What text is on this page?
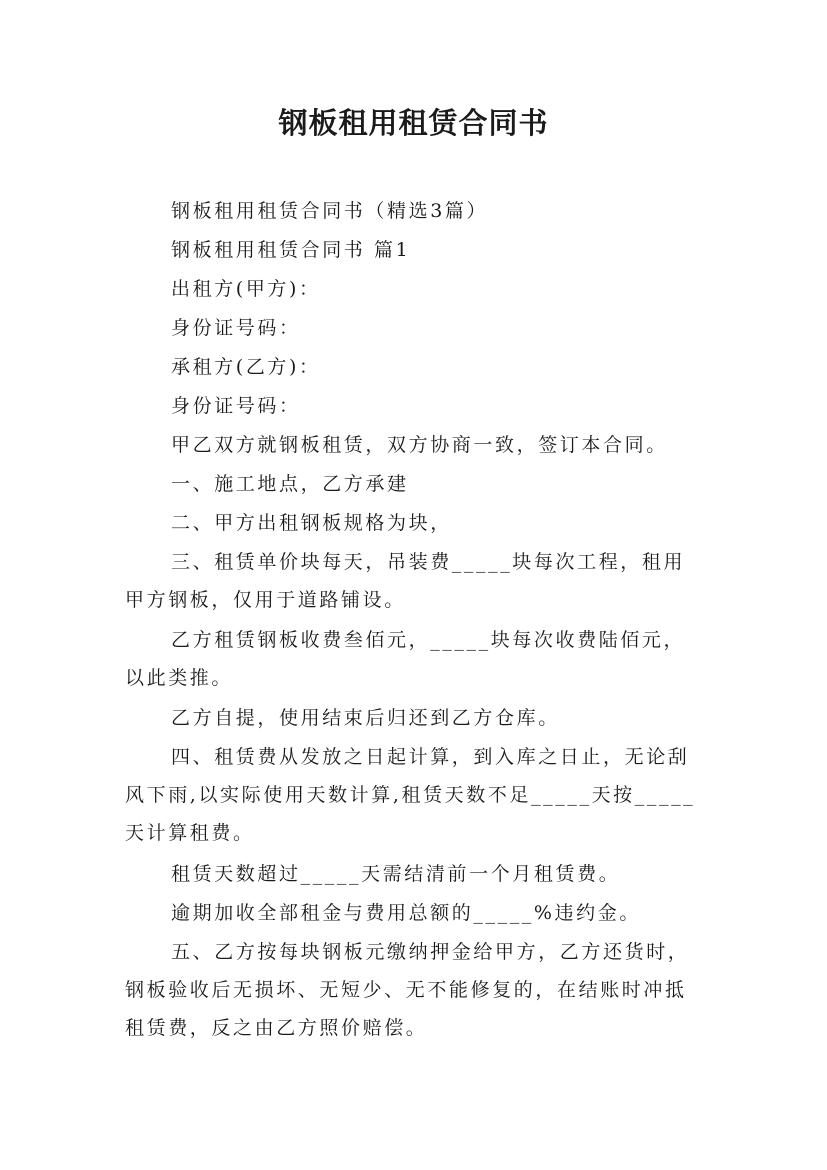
钢板租用租赁合同书
钢板租用租赁合同书（精选3篇）
钢板租用租赁合同书 篇1
出租方(甲方)：
身份证号码：
承租方(乙方)：
身份证号码：
甲乙双方就钢板租赁，双方协商一致，签订本合同。
一、施工地点，乙方承建
二、甲方出租钢板规格为块，
三、租赁单价块每天，吊装费_____块每次工程，租用
甲方钢板，仅用于道路铺设。
乙方租赁钢板收费叁佰元，_____块每次收费陆佰元，
以此类推。
乙方自提，使用结束后归还到乙方仓库。
四、租赁费从发放之日起计算，到入库之日止，无论刮
风下雨,以实际使用天数计算,租赁天数不足_____天按_____
天计算租费。
租赁天数超过_____天需结清前一个月租赁费。
逾期加收全部租金与费用总额的_____%违约金。
五、乙方按每块钢板元缴纳押金给甲方，乙方还货时，
钢板验收后无损坏、无短少、无不能修复的，在结账时冲抵
租赁费，反之由乙方照价赔偿。
